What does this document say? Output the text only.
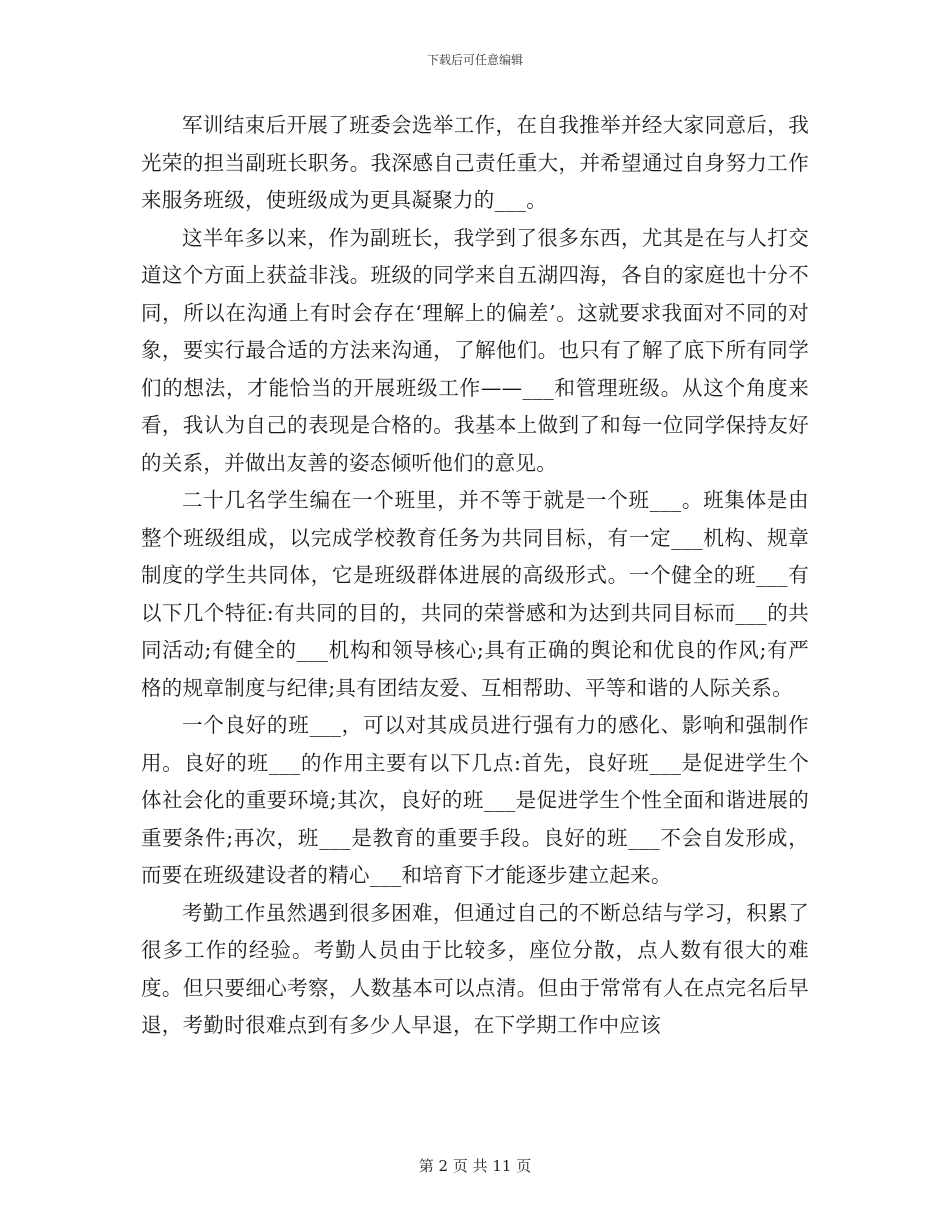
下载后可任意编辑

军训结束后开展了班委会选举工作，在自我推举并经大家同意后，我光荣的担当副班长职务。我深感自己责任重大，并希望通过自身努力工作来服务班级，使班级成为更具凝聚力的___。

这半年多以来，作为副班长，我学到了很多东西，尤其是在与人打交道这个方面上获益非浅。班级的同学来自五湖四海，各自的家庭也十分不同，所以在沟通上有时会存在‘理解上的偏差’。这就要求我面对不同的对象，要实行最合适的方法来沟通，了解他们。也只有了解了底下所有同学们的想法，才能恰当的开展班级工作——___和管理班级。从这个角度来看，我认为自己的表现是合格的。我基本上做到了和每一位同学保持友好的关系，并做出友善的姿态倾听他们的意见。

二十几名学生编在一个班里，并不等于就是一个班___。班集体是由整个班级组成，以完成学校教育任务为共同目标，有一定___机构、规章制度的学生共同体，它是班级群体进展的高级形式。一个健全的班___有以下几个特征:有共同的目的，共同的荣誉感和为达到共同目标而___的共同活动;有健全的___机构和领导核心;具有正确的舆论和优良的作风;有严格的规章制度与纪律;具有团结友爱、互相帮助、平等和谐的人际关系。

一个良好的班___，可以对其成员进行强有力的感化、影响和强制作用。良好的班___的作用主要有以下几点:首先，良好班___是促进学生个体社会化的重要环境;其次，良好的班___是促进学生个性全面和谐进展的重要条件;再次，班___是教育的重要手段。良好的班___不会自发形成，而要在班级建设者的精心___和培育下才能逐步建立起来。

考勤工作虽然遇到很多困难，但通过自己的不断总结与学习，积累了很多工作的经验。考勤人员由于比较多，座位分散，点人数有很大的难度。但只要细心考察，人数基本可以点清。但由于常常有人在点完名后早退，考勤时很难点到有多少人早退，在下学期工作中应该

第 2 页 共 11 页
